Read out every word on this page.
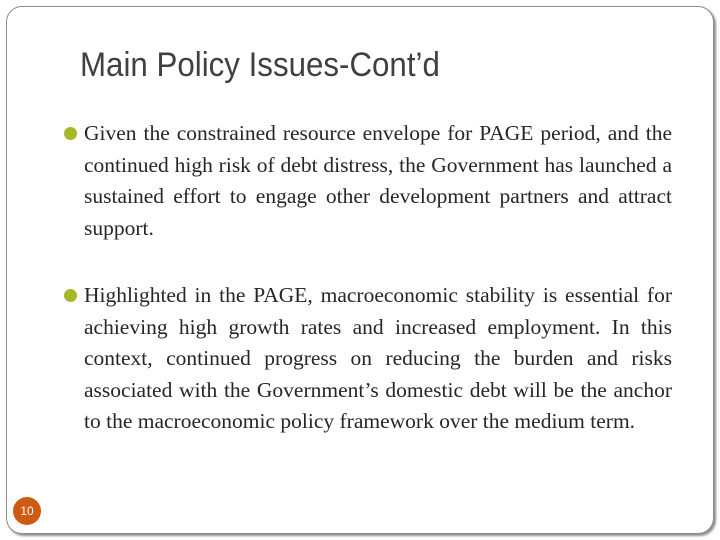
Main Policy Issues-Cont’d
Given the constrained resource envelope for PAGE period, and the continued high risk of debt distress, the Government has launched a sustained effort to engage other development partners and attract support.
Highlighted in the PAGE, macroeconomic stability is essential for achieving high growth rates and increased employment. In this context, continued progress on reducing the burden and risks associated with the Government’s domestic debt will be the anchor to the macroeconomic policy framework over the medium term.
10
